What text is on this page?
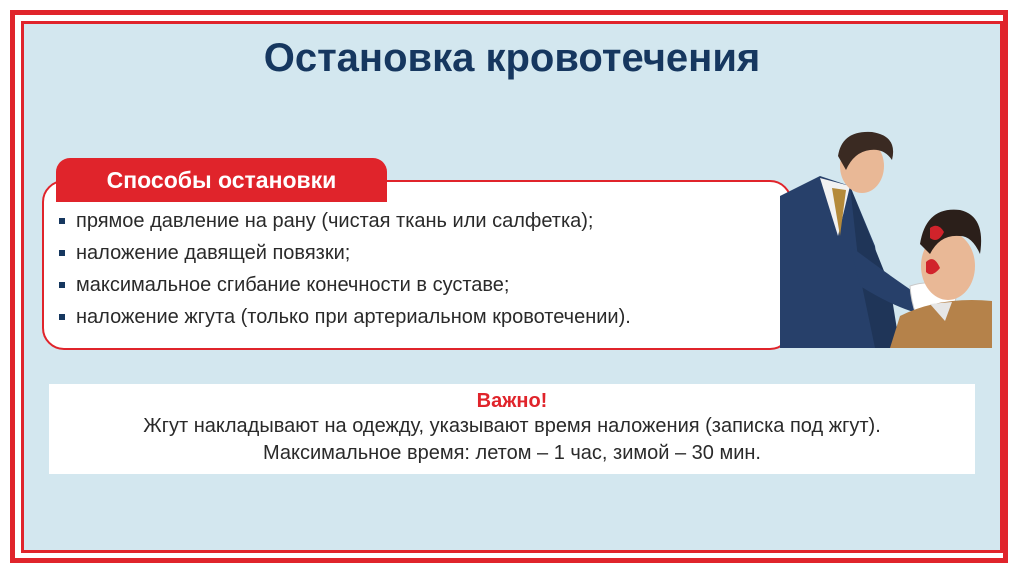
Остановка кровотечения
Способы остановки
прямое давление на рану (чистая ткань или салфетка);
наложение давящей повязки;
максимальное сгибание конечности в суставе;
наложение жгута (только при артериальном кровотечении).
Важно!
Жгут накладывают на одежду, указывают время наложения (записка под жгут).
Максимальное время: летом – 1 час, зимой – 30 мин.
